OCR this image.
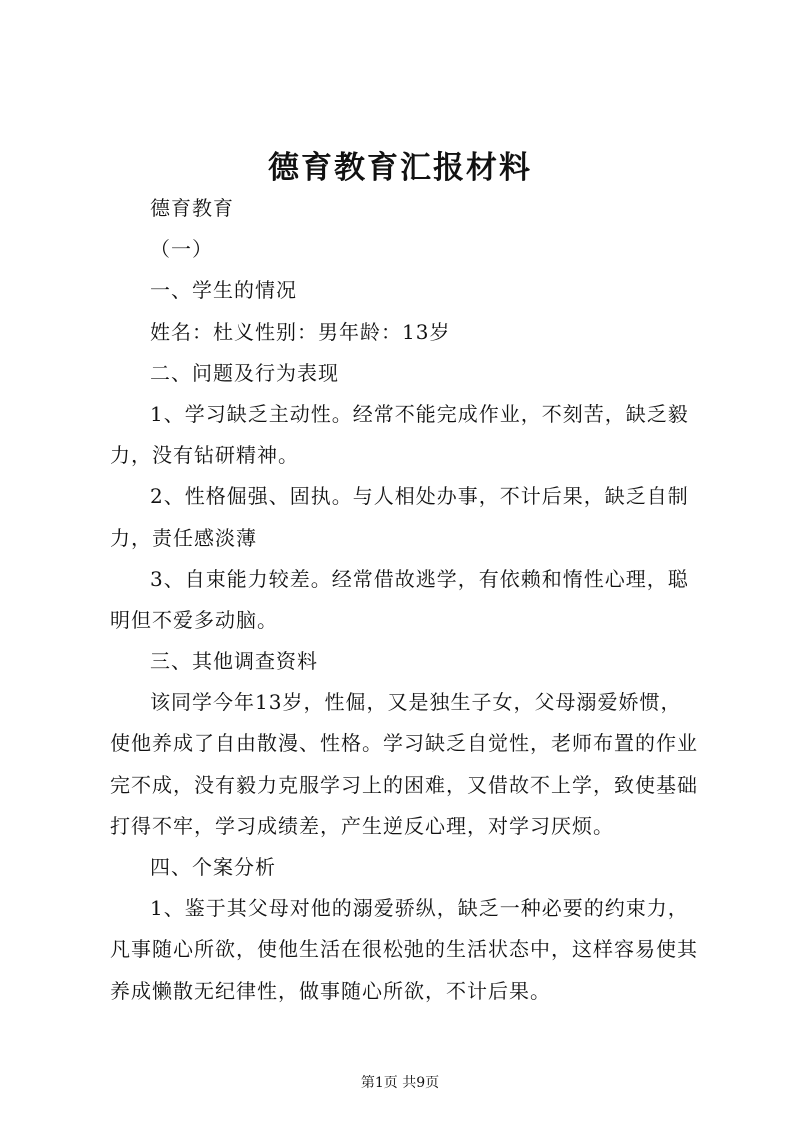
德育教育汇报材料

德育教育

（一）

一、学生的情况

姓名：杜义性别：男年龄：13岁

二、问题及行为表现

1、学习缺乏主动性。经常不能完成作业，不刻苦，缺乏毅

力，没有钻研精神。

2、性格倔强、固执。与人相处办事，不计后果，缺乏自制

力，责任感淡薄

3、自束能力较差。经常借故逃学，有依赖和惰性心理，聪

明但不爱多动脑。

三、其他调查资料

该同学今年13岁，性倔，又是独生子女，父母溺爱娇惯，

使他养成了自由散漫、性格。学习缺乏自觉性，老师布置的作业

完不成，没有毅力克服学习上的困难，又借故不上学，致使基础

打得不牢，学习成绩差，产生逆反心理，对学习厌烦。

四、个案分析

1、鉴于其父母对他的溺爱骄纵，缺乏一种必要的约束力，

凡事随心所欲，使他生活在很松弛的生活状态中，这样容易使其

养成懒散无纪律性，做事随心所欲，不计后果。

第1页 共9页
